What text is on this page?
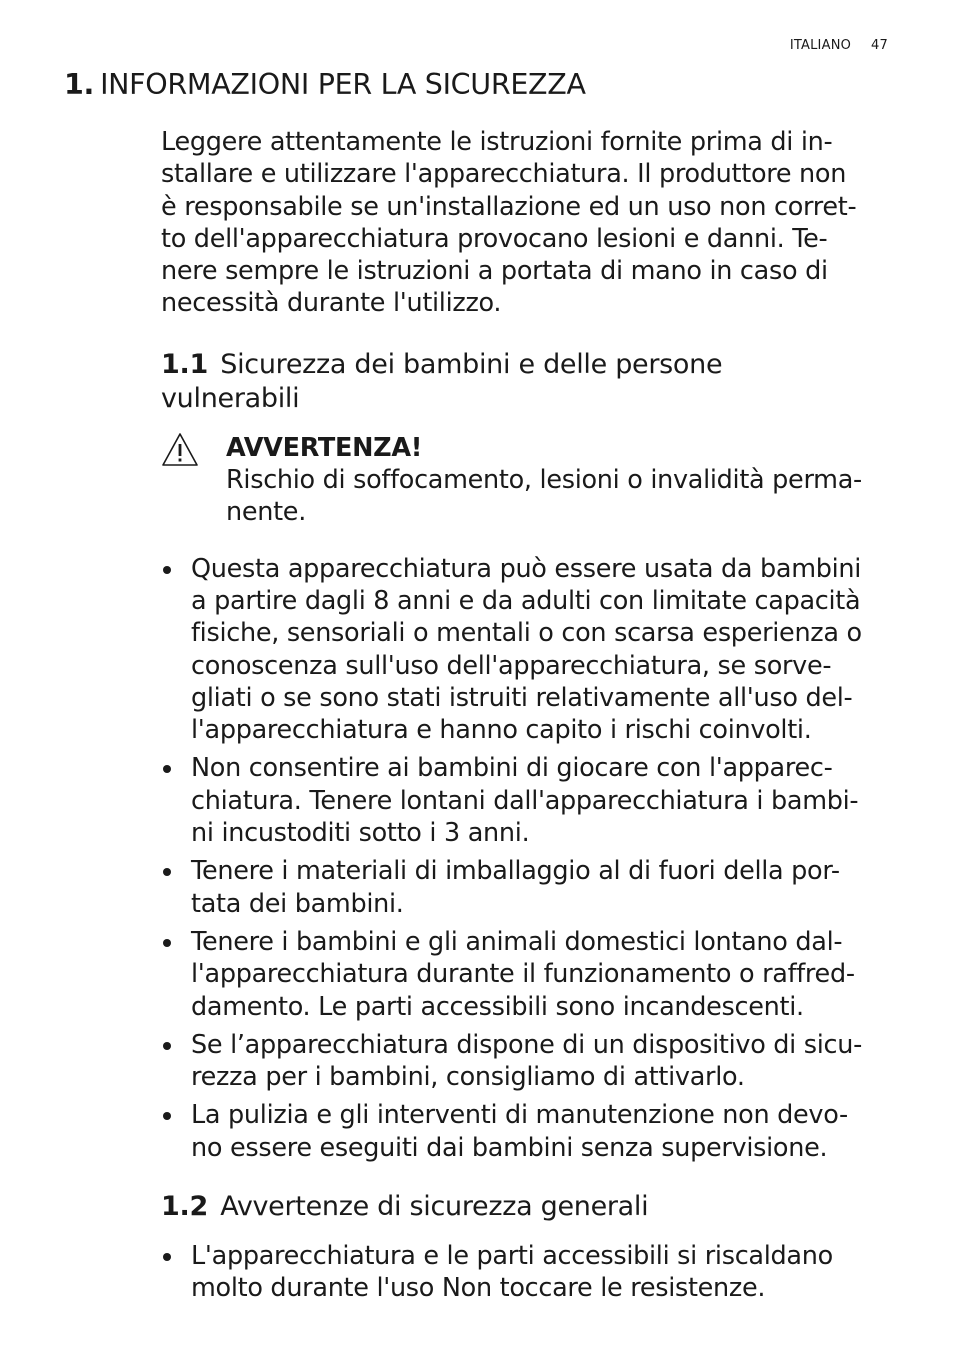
ITALIANO 47
1. INFORMAZIONI PER LA SICUREZZA

Leggere attentamente le istruzioni fornite prima di in-
stallare e utilizzare l'apparecchiatura. Il produttore non
è responsabile se un'installazione ed un uso non corret-
to dell'apparecchiatura provocano lesioni e danni. Te-
nere sempre le istruzioni a portata di mano in caso di
necessità durante l'utilizzo.

1.1 Sicurezza dei bambini e delle persone
vulnerabili
AVVERTENZA!
Rischio di soffocamento, lesioni o invalidità perma-
nente.
Questa apparecchiatura può essere usata da bambini
a partire dagli 8 anni e da adulti con limitate capacità
fisiche, sensoriali o mentali o con scarsa esperienza o
conoscenza sull'uso dell'apparecchiatura, se sorve-
gliati o se sono stati istruiti relativamente all'uso del-
l'apparecchiatura e hanno capito i rischi coinvolti.
Non consentire ai bambini di giocare con l'apparec-
chiatura. Tenere lontani dall'apparecchiatura i bambi-
ni incustoditi sotto i 3 anni.
Tenere i materiali di imballaggio al di fuori della por-
tata dei bambini.
Tenere i bambini e gli animali domestici lontano dal-
l'apparecchiatura durante il funzionamento o raffred-
damento. Le parti accessibili sono incandescenti.
Se l’apparecchiatura dispone di un dispositivo di sicu-
rezza per i bambini, consigliamo di attivarlo.
La pulizia e gli interventi di manutenzione non devo-
no essere eseguiti dai bambini senza supervisione.
1.2 Avvertenze di sicurezza generali
L'apparecchiatura e le parti accessibili si riscaldano
molto durante l'uso Non toccare le resistenze.
